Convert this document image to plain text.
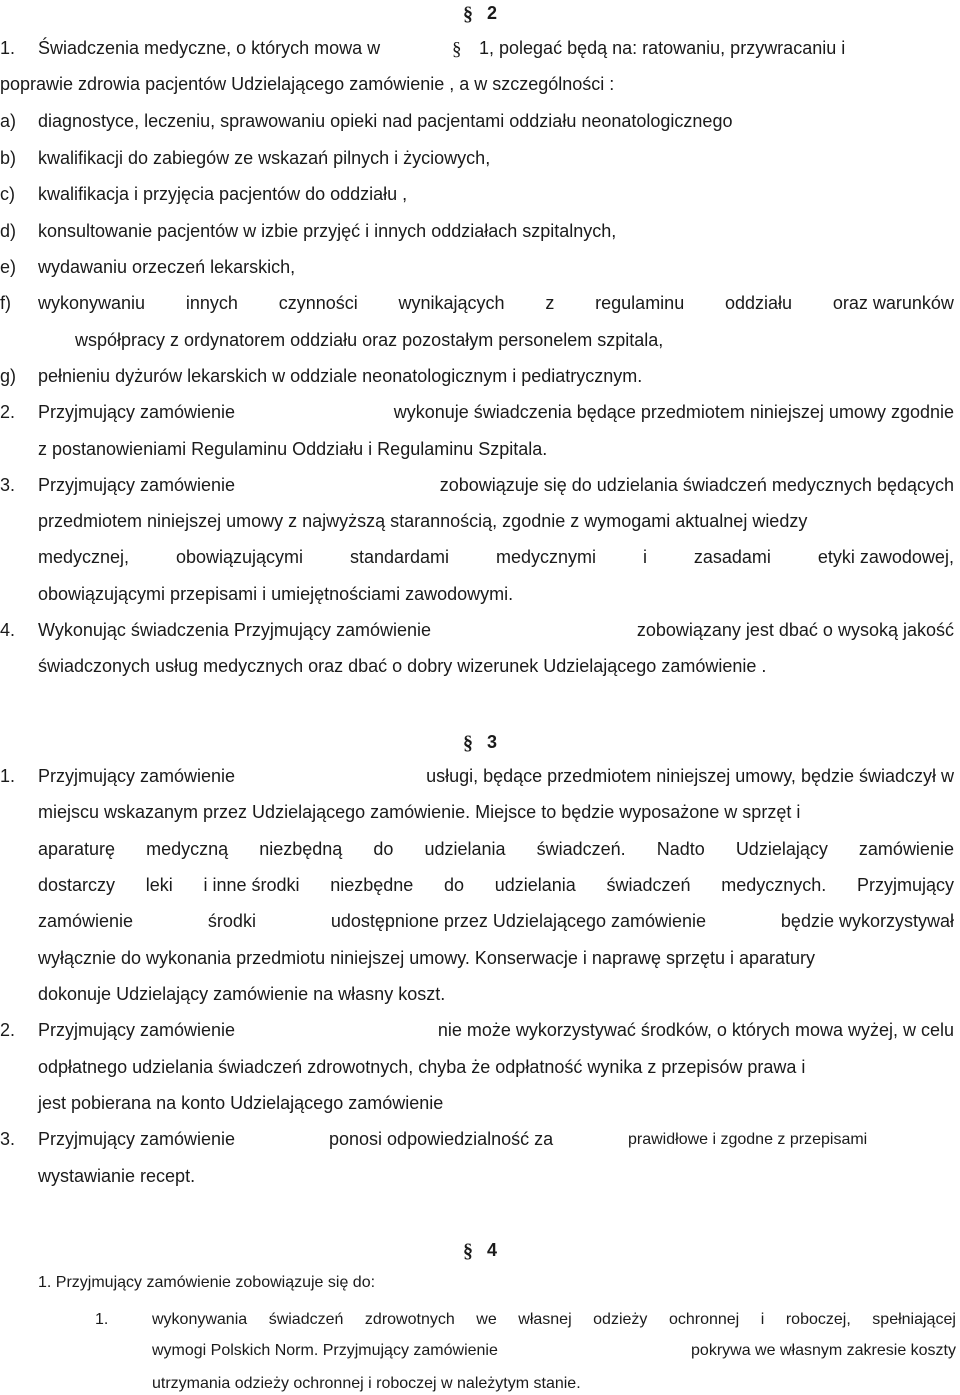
§ 2
1. Świadczenia medyczne, o których mowa w	§ 1, polegać będą na: ratowaniu, przywracaniu i
poprawie zdrowia pacjentów Udzielającego zamówienie , a w szczególności :
a) diagnostyce, leczeniu, sprawowaniu opieki nad pacjentami oddziału neonatologicznego
b) kwalifikacji do zabiegów ze wskazań pilnych i życiowych,
c) kwalifikacja i przyjęcia pacjentów do oddziału ,
d) konsultowanie pacjentów w izbie przyjęć i innych oddziałach szpitalnych,
e) wydawaniu orzeczeń lekarskich,
f) wykonywaniu innych czynności wynikających z regulaminu oddziału oraz warunków
współpracy z ordynatorem oddziału oraz pozostałym personelem szpitala,
g) pełnieniu dyżurów lekarskich w oddziale neonatologicznym i pediatrycznym.
2. Przyjmujący zamówienie	wykonuje świadczenia będące przedmiotem niniejszej umowy zgodnie
z postanowieniami Regulaminu Oddziału i Regulaminu Szpitala.
3. Przyjmujący zamówienie	zobowiązuje się do udzielania świadczeń medycznych będących
przedmiotem niniejszej umowy z najwyższą starannością, zgodnie z wymogami aktualnej wiedzy
medycznej,	obowiązującymi	standardami	medycznymi	i	zasadami	etyki zawodowej,
obowiązującymi przepisami i umiejętnościami zawodowymi.
4. Wykonując świadczenia Przyjmujący zamówienie	zobowiązany jest dbać o wysoką jakość
świadczonych usług medycznych oraz dbać o dobry wizerunek Udzielającego zamówienie .
§ 3
1. Przyjmujący zamówienie	usługi, będące przedmiotem niniejszej umowy, będzie świadczył w
miejscu wskazanym przez Udzielającego zamówienie. Miejsce to będzie wyposażone w sprzęt i
aparaturę medyczną niezbędną do udzielania świadczeń. Nadto Udzielający zamówienie
dostarczy leki i inne środki niezbędne do udzielania świadczeń medycznych. Przyjmujący
zamówienie	środki	udostępnione przez Udzielającego zamówienie	będzie wykorzystywał
wyłącznie do wykonania przedmiotu niniejszej umowy. Konserwacje i naprawę sprzętu i aparatury
dokonuje Udzielający zamówienie na własny koszt.
2. Przyjmujący zamówienie	nie może wykorzystywać środków, o których mowa wyżej, w celu
odpłatnego udzielania świadczeń zdrowotnych, chyba że odpłatność wynika z przepisów prawa i
jest pobierana na konto Udzielającego zamówienie
3. Przyjmujący zamówienie	ponosi odpowiedzialność za	prawidłowe i zgodne z przepisami
wystawianie recept.
§ 4
1. Przyjmujący zamówienie zobowiązuje się do:
1.	wykonywania świadczeń zdrowotnych we własnej odzieży ochronnej i roboczej, spełniającej
wymogi Polskich Norm. Przyjmujący zamówienie	pokrywa we własnym zakresie koszty
utrzymania odzieży ochronnej i roboczej w należytym stanie.
